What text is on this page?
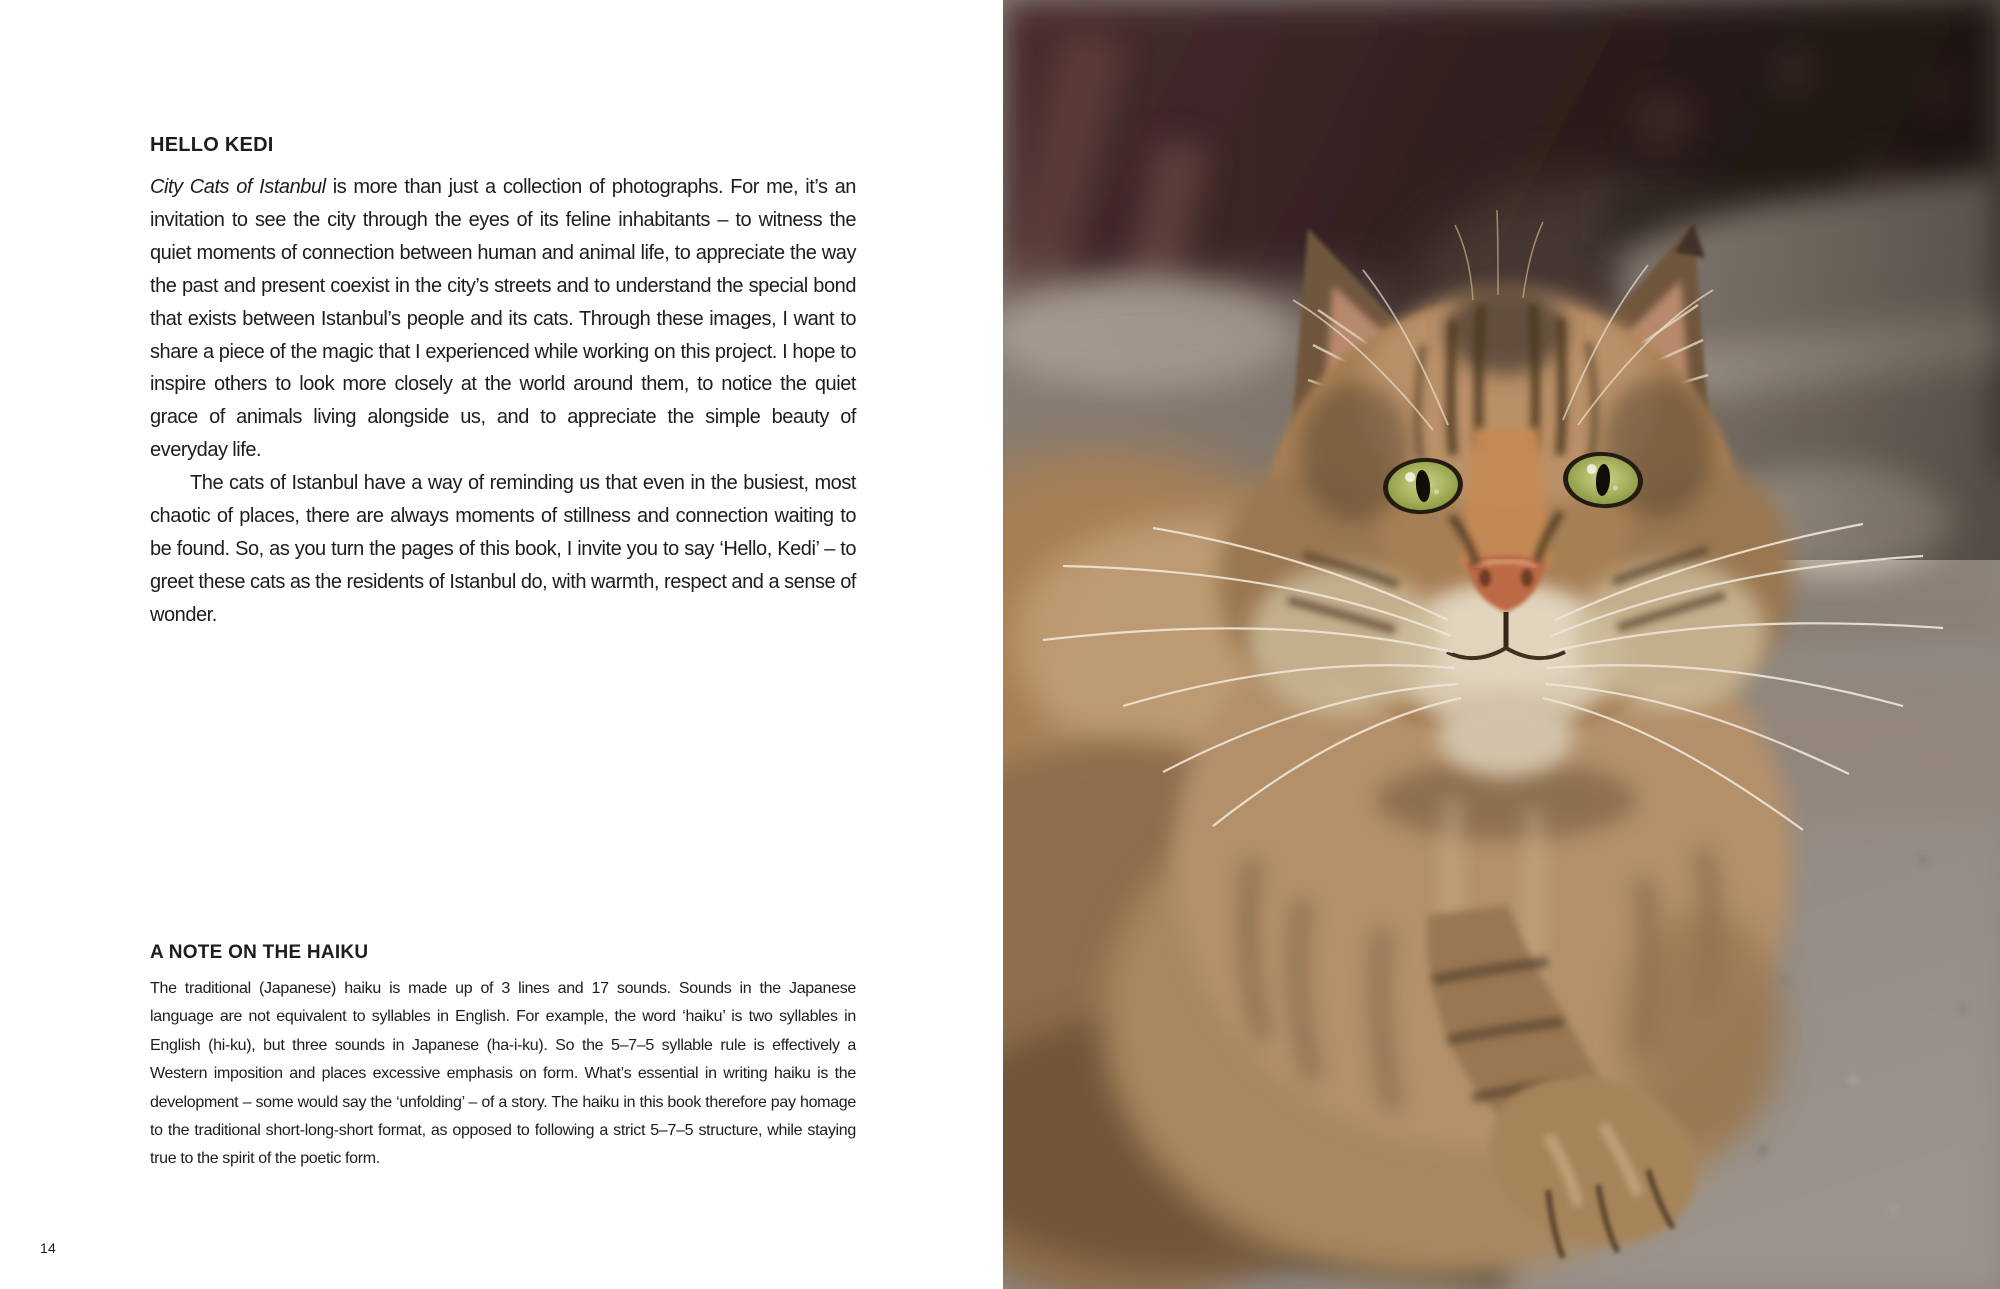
HELLO KEDI

City Cats of Istanbul is more than just a collection of photographs. For me, it’s an invitation to see the city through the eyes of its feline inhabitants – to witness the quiet moments of connection between human and animal life, to appreciate the way the past and present coexist in the city’s streets and to understand the special bond that exists between Istanbul’s people and its cats. Through these images, I want to share a piece of the magic that I experienced while working on this project. I hope to inspire others to look more closely at the world around them, to notice the quiet grace of animals living alongside us, and to appreciate the simple beauty of everyday life.

The cats of Istanbul have a way of reminding us that even in the busiest, most chaotic of places, there are always moments of stillness and connection waiting to be found. So, as you turn the pages of this book, I invite you to say ‘Hello, Kedi’ – to greet these cats as the residents of Istanbul do, with warmth, respect and a sense of wonder.

A NOTE ON THE HAIKU

The traditional (Japanese) haiku is made up of 3 lines and 17 sounds. Sounds in the Japanese language are not equivalent to syllables in English. For example, the word ‘haiku’ is two syllables in English (hi-ku), but three sounds in Japanese (ha-i-ku). So the 5–7–5 syllable rule is effectively a Western imposition and places excessive emphasis on form. What’s essential in writing haiku is the development – some would say the ‘unfolding’ – of a story. The haiku in this book therefore pay homage to the traditional short-long-short format, as opposed to following a strict 5–7–5 structure, while staying true to the spirit of the poetic form.

14
